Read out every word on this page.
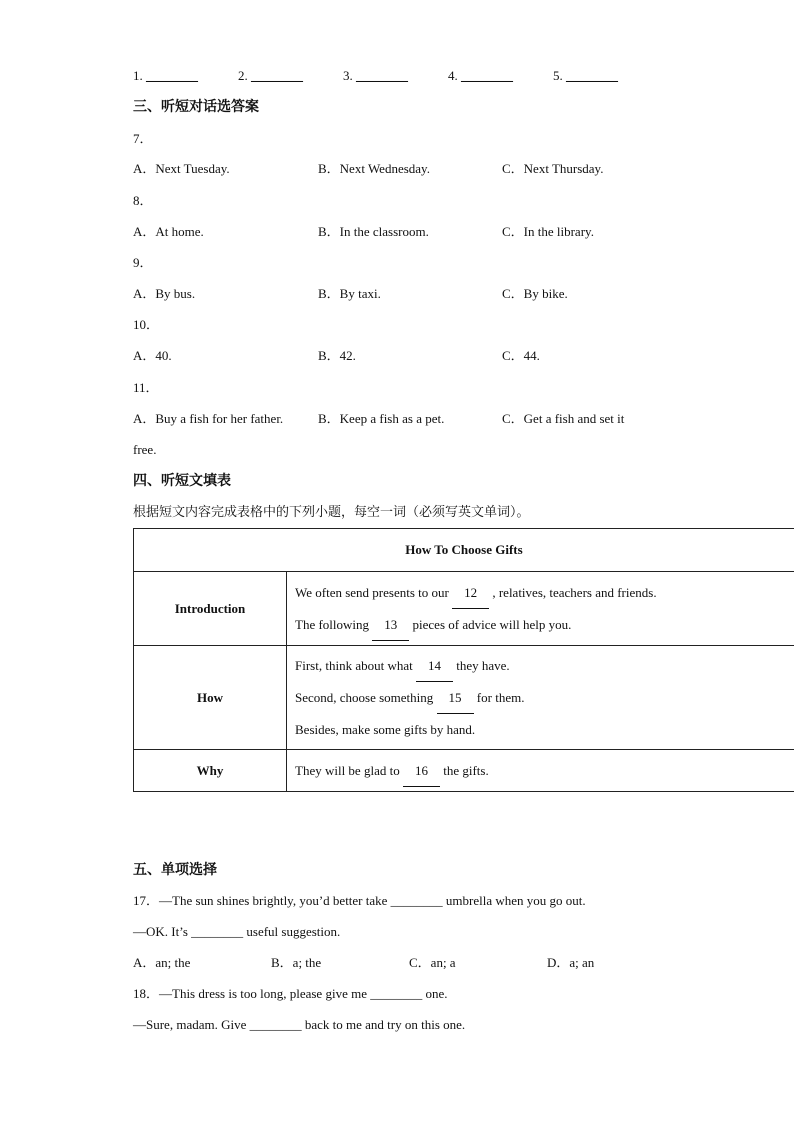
1. ________	2. ________	3. ________	4. ________	5. ________
三、听短对话选答案
7．
A．Next Tuesday.	B．Next Wednesday.	C．Next Thursday.
8．
A．At home.	B．In the classroom.	C．In the library.
9．
A．By bus.	B．By taxi.	C．By bike.
10．
A．40.	B．42.	C．44.
11．
A．Buy a fish for her father.	B．Keep a fish as a pet.	C．Get a fish and set it
free.
四、听短文填表
根据短文内容完成表格中的下列小题，每空一词（必须写英文单词）。
How To Choose Gifts	
Introduction	We often send presents to our 12 , relatives, teachers and friends.
The following 13 pieces of advice will help you.

How	First, think about what 14 they have.
Second, choose something 15 for them.
Besides, make some gifts by hand.

Why	They will be glad to 16 the gifts.
五、单项选择
17．—The sun shines brightly, you’d better take ________ umbrella when you go out.
—OK. It’s ________ useful suggestion.
A．an; the	B．a; the	C．an; a	D．a; an
18．—This dress is too long, please give me ________ one.
—Sure, madam. Give ________ back to me and try on this one.
